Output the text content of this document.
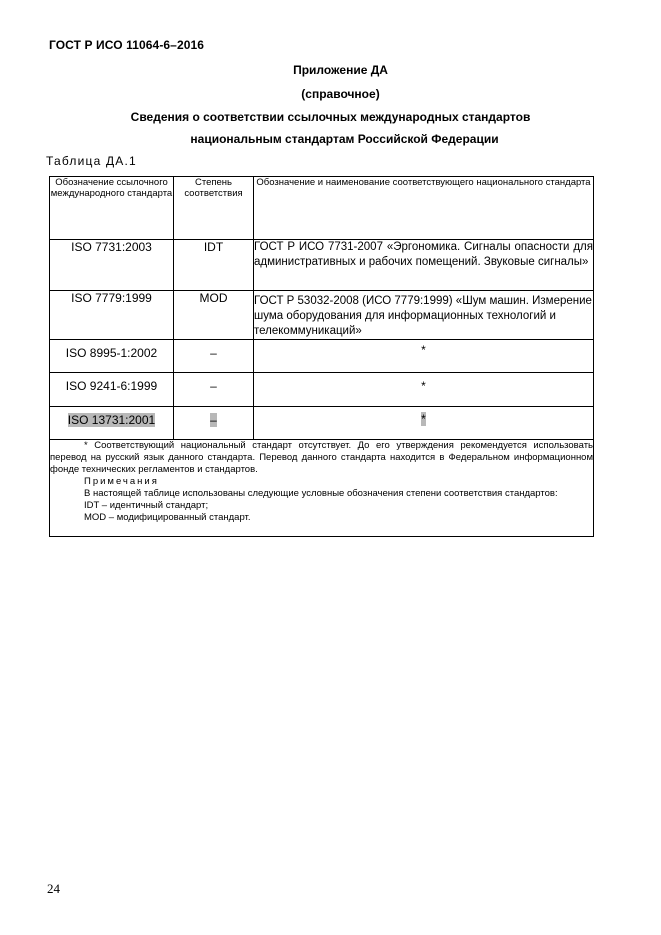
ГОСТ Р ИСО 11064-6–2016
Приложение ДА
(справочное)
Сведения о соответствии ссылочных международных стандартов
национальным стандартам Российской Федерации
Таблица ДА.1
Обозначение ссылочного международного стандарта	Степень соответствия	Обозначение и наименование соответствующего национального стандарта
ISO 7731:2003	IDT	ГОСТ Р ИСО 7731-2007 «Эргономика. Сигналы опасности для административных и рабочих помещений. Звуковые сигналы»
ISO 7779:1999	MOD	ГОСТ Р 53032-2008 (ИСО 7779:1999) «Шум машин. Измерение шума оборудования для информационных технологий и телекоммуникаций»
ISO 8995-1:2002	–	*
ISO 9241-6:1999	–	*
ISO 13731:2001	–	*

* Соответствующий национальный стандарт отсутствует. До его утверждения рекомендуется использовать перевод на русский язык данного стандарта. Перевод данного стандарта находится в Федеральном информационном фонде технических регламентов и стандартов.
Примечания
В настоящей таблице использованы следующие условные обозначения степени соответствия стандартов:
IDT – идентичный стандарт;
MOD – модифицированный стандарт.		
24
